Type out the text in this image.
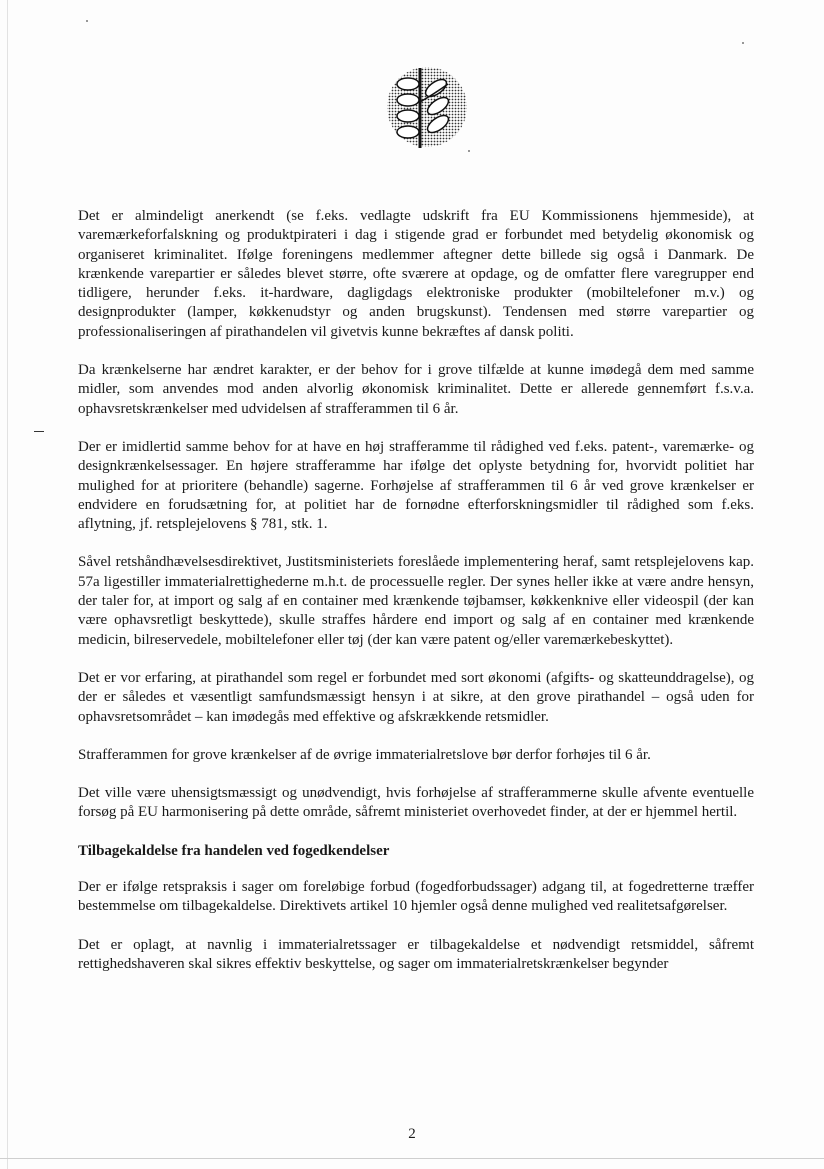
Det er almindeligt anerkendt (se f.eks. vedlagte udskrift fra EU Kommissionens hjemmeside), at varemærkeforfalskning og produktpirateri i dag i stigende grad er forbundet med betydelig økonomisk og organiseret kriminalitet. Ifølge foreningens medlemmer aftegner dette billede sig også i Danmark. De krænkende varepartier er således blevet større, ofte sværere at opdage, og de omfatter flere varegrupper end tidligere, herunder f.eks. it-hardware, dagligdags elektroniske produkter (mobiltelefoner m.v.) og designprodukter (lamper, køkkenudstyr og anden brugskunst). Tendensen med større varepartier og professionaliseringen af pirathandelen vil givetvis kunne bekræftes af dansk politi.

Da krænkelserne har ændret karakter, er der behov for i grove tilfælde at kunne imødegå dem med samme midler, som anvendes mod anden alvorlig økonomisk kriminalitet. Dette er allerede gennemført f.s.v.a. ophavsretskrænkelser med udvidelsen af strafferammen til 6 år.

Der er imidlertid samme behov for at have en høj strafferamme til rådighed ved f.eks. patent-, varemærke- og designkrænkelsessager. En højere strafferamme har ifølge det oplyste betydning for, hvorvidt politiet har mulighed for at prioritere (behandle) sagerne. Forhøjelse af strafferammen til 6 år ved grove krænkelser er endvidere en forudsætning for, at politiet har de fornødne efterforskningsmidler til rådighed som f.eks. aflytning, jf. retsplejelovens § 781, stk. 1.

Såvel retshåndhævelsesdirektivet, Justitsministeriets foreslåede implementering heraf, samt retsplejelovens kap. 57a ligestiller immaterialrettighederne m.h.t. de processuelle regler. Der synes heller ikke at være andre hensyn, der taler for, at import og salg af en container med krænkende tøjbamser, køkkenknive eller videospil (der kan være ophavsretligt beskyttede), skulle straffes hårdere end import og salg af en container med krænkende medicin, bilreservedele, mobiltelefoner eller tøj (der kan være patent og/eller varemærkebeskyttet).

Det er vor erfaring, at pirathandel som regel er forbundet med sort økonomi (afgifts- og skatteunddragelse), og der er således et væsentligt samfundsmæssigt hensyn i at sikre, at den grove pirathandel – også uden for ophavsretsområdet – kan imødegås med effektive og afskrækkende retsmidler.

Strafferammen for grove krænkelser af de øvrige immaterialretslove bør derfor forhøjes til 6 år.

Det ville være uhensigtsmæssigt og unødvendigt, hvis forhøjelse af strafferammerne skulle afvente eventuelle forsøg på EU harmonisering på dette område, såfremt ministeriet overhovedet finder, at der er hjemmel hertil.

Tilbagekaldelse fra handelen ved fogedkendelser

Der er ifølge retspraksis i sager om foreløbige forbud (fogedforbudssager) adgang til, at fogedretterne træffer bestemmelse om tilbagekaldelse. Direktivets artikel 10 hjemler også denne mulighed ved realitetsafgørelser.

Det er oplagt, at navnlig i immaterialretssager er tilbagekaldelse et nødvendigt retsmiddel, såfremt rettighedshaveren skal sikres effektiv beskyttelse, og sager om immaterialretskrænkelser begynder

2
